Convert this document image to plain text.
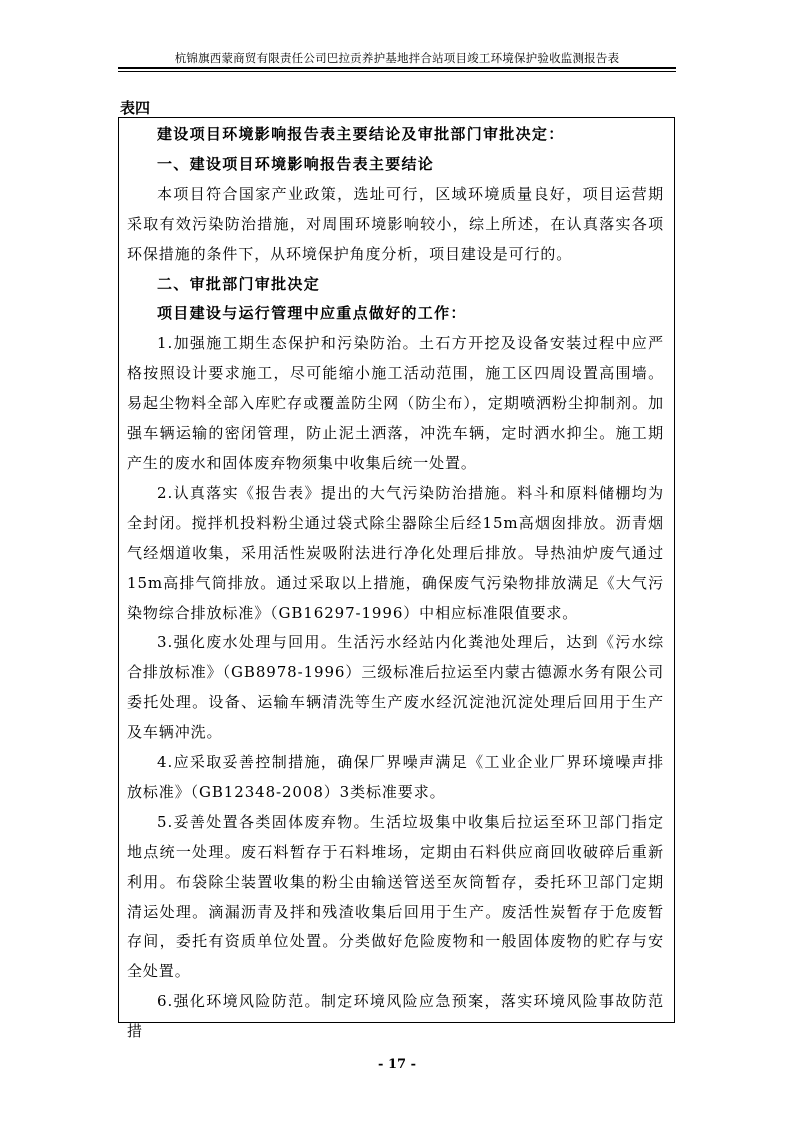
杭锦旗西蒙商贸有限责任公司巴拉贡养护基地拌合站项目竣工环境保护验收监测报告表
表四

建设项目环境影响报告表主要结论及审批部门审批决定：

一、建设项目环境影响报告表主要结论

本项目符合国家产业政策，选址可行，区域环境质量良好，项目运营期采取有效污染防治措施，对周围环境影响较小，综上所述，在认真落实各项环保措施的条件下，从环境保护角度分析，项目建设是可行的。

二、审批部门审批决定

项目建设与运行管理中应重点做好的工作：

1.加强施工期生态保护和污染防治。土石方开挖及设备安装过程中应严格按照设计要求施工，尽可能缩小施工活动范围，施工区四周设置高围墙。易起尘物料全部入库贮存或覆盖防尘网（防尘布），定期喷洒粉尘抑制剂。加强车辆运输的密闭管理，防止泥土洒落，冲洗车辆，定时洒水抑尘。施工期产生的废水和固体废弃物须集中收集后统一处置。

2.认真落实《报告表》提出的大气污染防治措施。料斗和原料储棚均为全封闭。搅拌机投料粉尘通过袋式除尘器除尘后经15m高烟囱排放。沥青烟气经烟道收集，采用活性炭吸附法进行净化处理后排放。导热油炉废气通过15m高排气筒排放。通过采取以上措施，确保废气污染物排放满足《大气污染物综合排放标准》（GB16297-1996）中相应标准限值要求。

3.强化废水处理与回用。生活污水经站内化粪池处理后，达到《污水综合排放标准》（GB8978-1996）三级标准后拉运至内蒙古德源水务有限公司委托处理。设备、运输车辆清洗等生产废水经沉淀池沉淀处理后回用于生产及车辆冲洗。

4.应采取妥善控制措施，确保厂界噪声满足《工业企业厂界环境噪声排放标准》（GB12348-2008）3类标准要求。

5.妥善处置各类固体废弃物。生活垃圾集中收集后拉运至环卫部门指定地点统一处理。废石料暂存于石料堆场，定期由石料供应商回收破碎后重新利用。布袋除尘装置收集的粉尘由输送管送至灰筒暂存，委托环卫部门定期清运处理。滴漏沥青及拌和残渣收集后回用于生产。废活性炭暂存于危废暂存间，委托有资质单位处置。分类做好危险废物和一般固体废物的贮存与安全处置。

6.强化环境风险防范。制定环境风险应急预案，落实环境风险事故防范措

- 17 -
